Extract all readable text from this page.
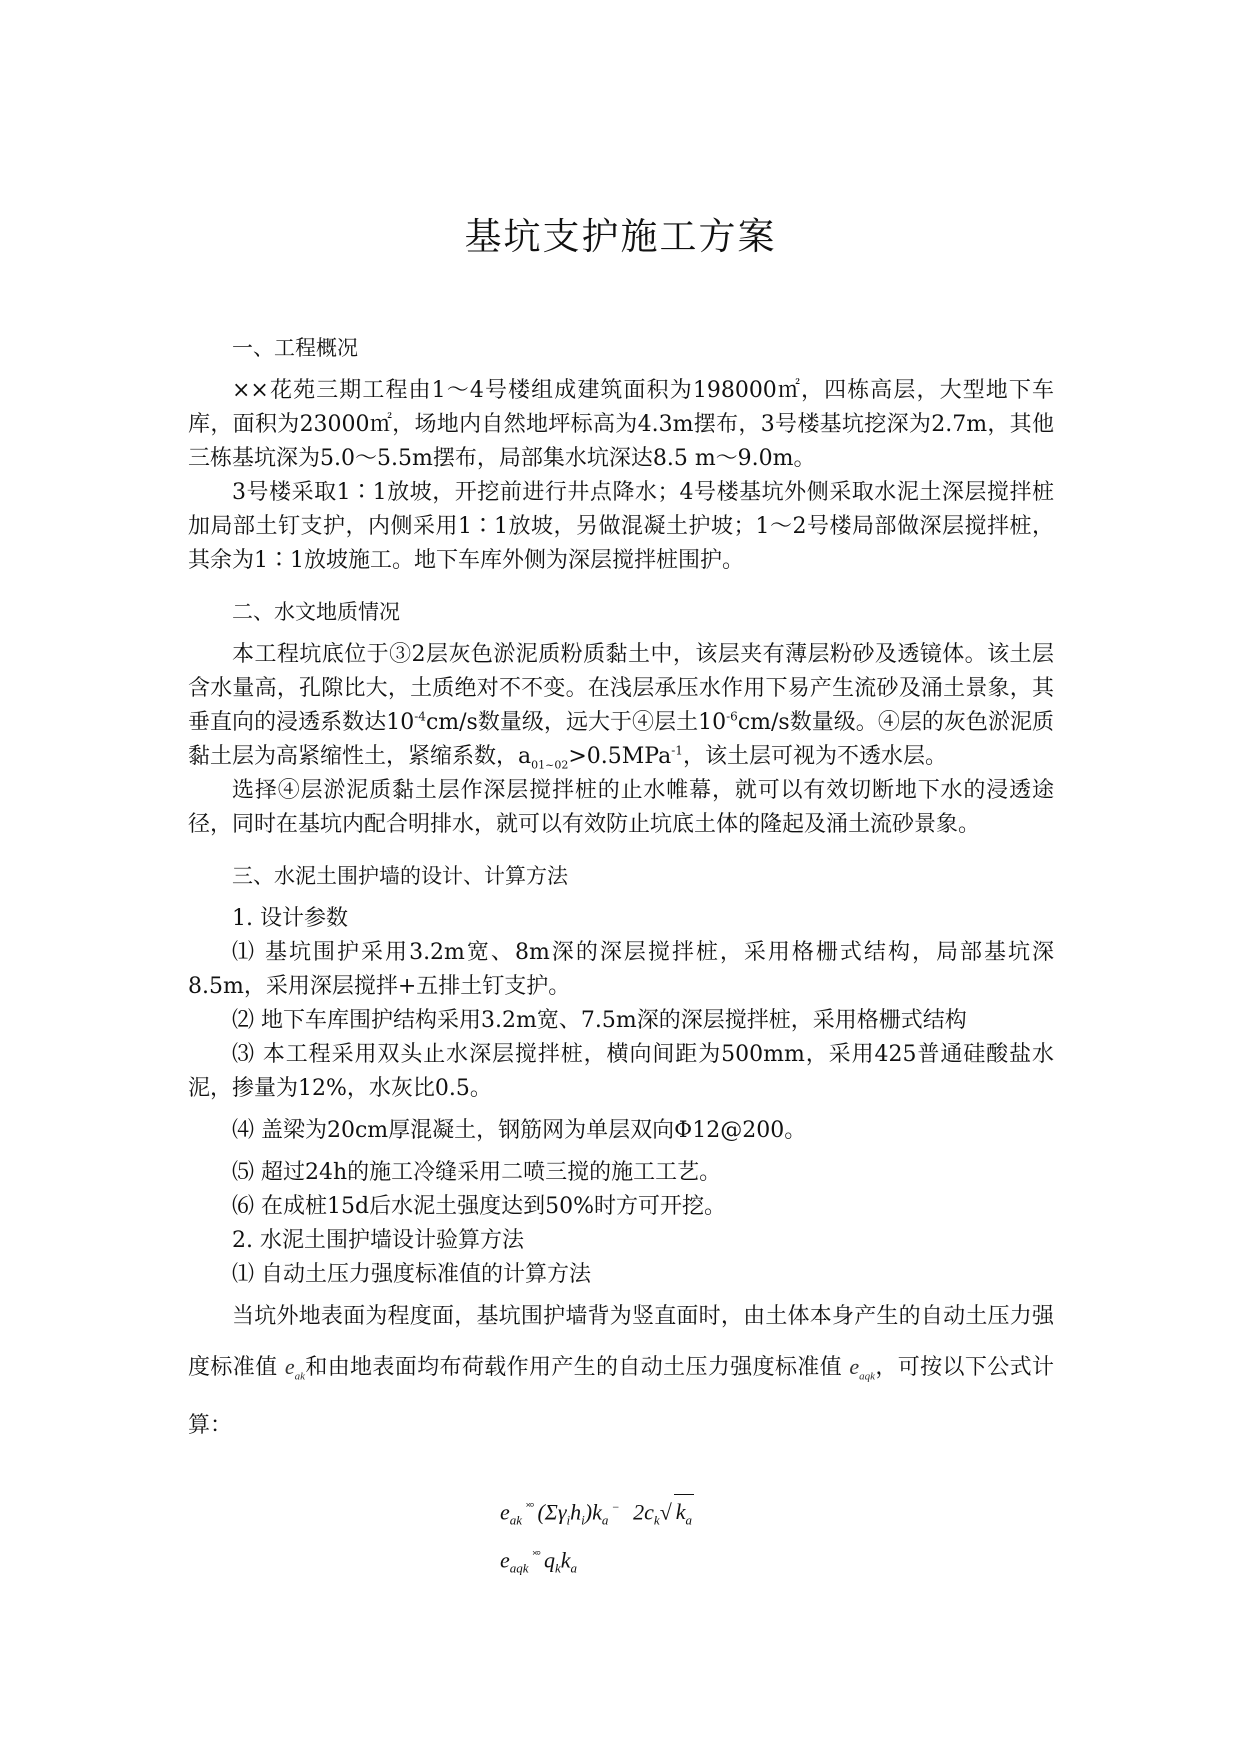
基坑支护施工方案

一、工程概况

××花苑三期工程由1～4号楼组成建筑面积为198000㎡，四栋高层，大型地下车库，面积为23000㎡，场地内自然地坪标高为4.3m摆布，3号楼基坑挖深为2.7m，其他三栋基坑深为5.0～5.5m摆布，局部集水坑深达8.5 m～9.0m。

3号楼采取1∶1放坡，开挖前进行井点降水；4号楼基坑外侧采取水泥土深层搅拌桩加局部土钉支护，内侧采用1∶1放坡，另做混凝土护坡；1～2号楼局部做深层搅拌桩，其余为1∶1放坡施工。地下车库外侧为深层搅拌桩围护。

二、水文地质情况

本工程坑底位于③2层灰色淤泥质粉质黏土中，该层夹有薄层粉砂及透镜体。该土层含水量高，孔隙比大，土质绝对不不变。在浅层承压水作用下易产生流砂及涌土景象，其垂直向的浸透系数达$10^{-4}cm/s$数量级，远大于④层土$10^{-6}cm/s$数量级。④层的灰色淤泥质黏土层为高紧缩性土，紧缩系数，$a_{01\sim 02}>0.5MPa^{-1}$，该土层可视为不透水层。

选择④层淤泥质黏土层作深层搅拌桩的止水帷幕，就可以有效切断地下水的浸透途径，同时在基坑内配合明排水，就可以有效防止坑底土体的隆起及涌土流砂景象。

三、水泥土围护墙的设计、计算方法

1. 设计参数

⑴ 基坑围护采用3.2m宽、8m深的深层搅拌桩，采用格栅式结构，局部基坑深8.5m，采用深层搅拌+五排土钉支护。

⑵ 地下车库围护结构采用3.2m宽、7.5m深的深层搅拌桩，采用格栅式结构

⑶ 本工程采用双头止水深层搅拌桩，横向间距为500mm，采用425普通硅酸盐水泥，掺量为12%，水灰比0.5。

⑷ 盖梁为20cm厚混凝土，钢筋网为单层双向Φ12@200。

⑸ 超过24h的施工冷缝采用二喷三搅的施工工艺。

⑹ 在成桩15d后水泥土强度达到50%时方可开挖。

2. 水泥土围护墙设计验算方法

⑴ 自动土压力强度标准值的计算方法

当坑外地表面为程度面，基坑围护墙背为竖直面时，由土体本身产生的自动土压力强度标准值 $e_{ak}$和由地表面均布荷载作用产生的自动土压力强度标准值 $e_{aqk}$，可按以下公式计算：

$e_{ak}^{˟^\circ}$ $(\Sigma\gamma_ih_i)k_a^-$ $2c_k√$ $k_a$
$e_{aqk}^{˟^\circ}$ $q_kk_a$
